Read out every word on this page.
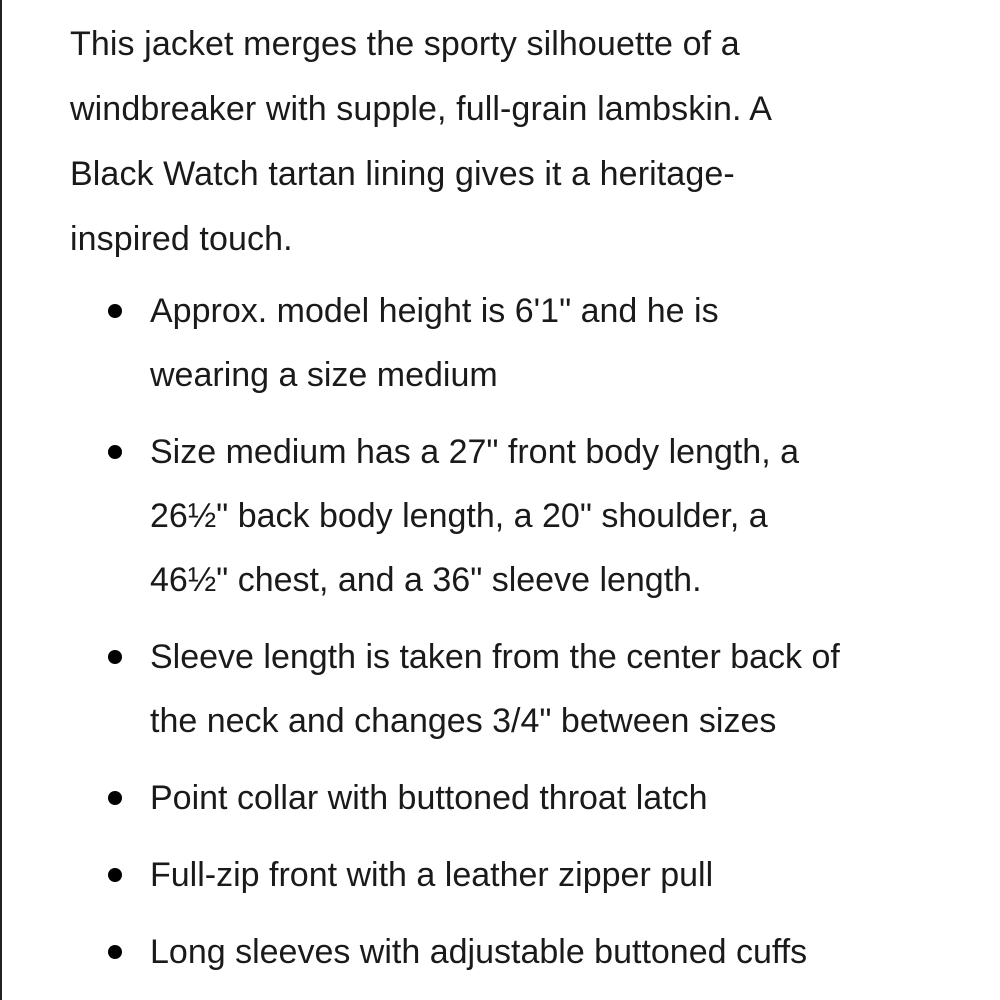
This jacket merges the sporty silhouette of a
windbreaker with supple, full-grain lambskin. A
Black Watch tartan lining gives it a heritage-
inspired touch.

Approx. model height is 6'1" and he is
wearing a size medium
Size medium has a 27" front body length, a
26½" back body length, a 20" shoulder, a
46½" chest, and a 36" sleeve length.
Sleeve length is taken from the center back of
the neck and changes 3/4" between sizes
Point collar with buttoned throat latch
Full-zip front with a leather zipper pull
Long sleeves with adjustable buttoned cuffs
